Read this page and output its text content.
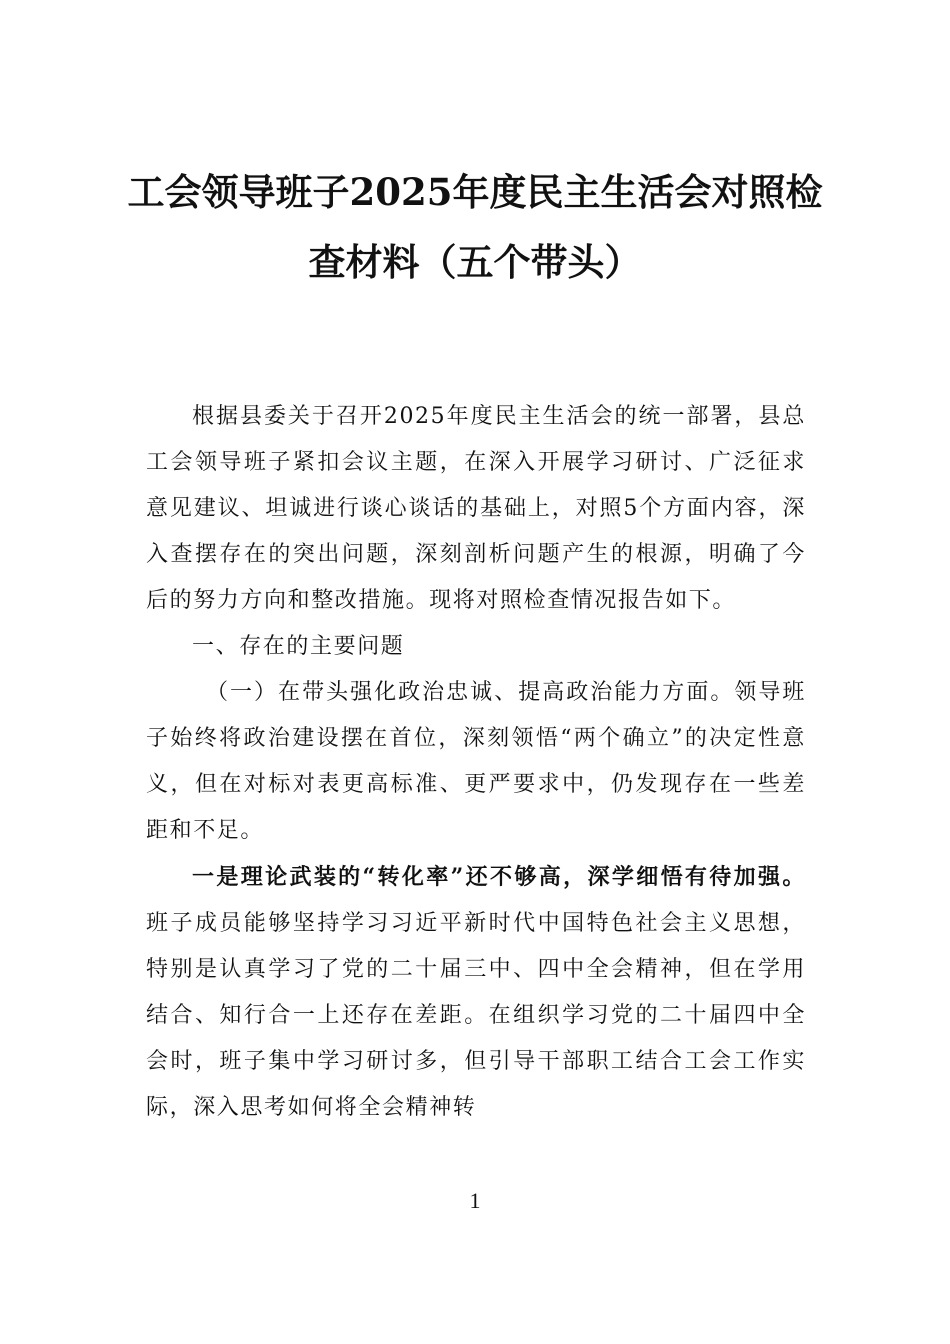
工会领导班子2025年度民主生活会对照检
查材料（五个带头）

根据县委关于召开2025年度民主生活会的统一部署，县总工会领导班子紧扣会议主题，在深入开展学习研讨、广泛征求意见建议、坦诚进行谈心谈话的基础上，对照5个方面内容，深入查摆存在的突出问题，深刻剖析问题产生的根源，明确了今后的努力方向和整改措施。现将对照检查情况报告如下。

一、存在的主要问题

（一）在带头强化政治忠诚、提高政治能力方面。领导班子始终将政治建设摆在首位，深刻领悟“两个确立”的决定性意义，但在对标对表更高标准、更严要求中，仍发现存在一些差距和不足。

一是理论武装的“转化率”还不够高，深学细悟有待加强。班子成员能够坚持学习习近平新时代中国特色社会主义思想，特别是认真学习了党的二十届三中、四中全会精神，但在学用结合、知行合一上还存在差距。在组织学习党的二十届四中全会时，班子集中学习研讨多，但引导干部职工结合工会工作实际，深入思考如何将全会精神转

1
